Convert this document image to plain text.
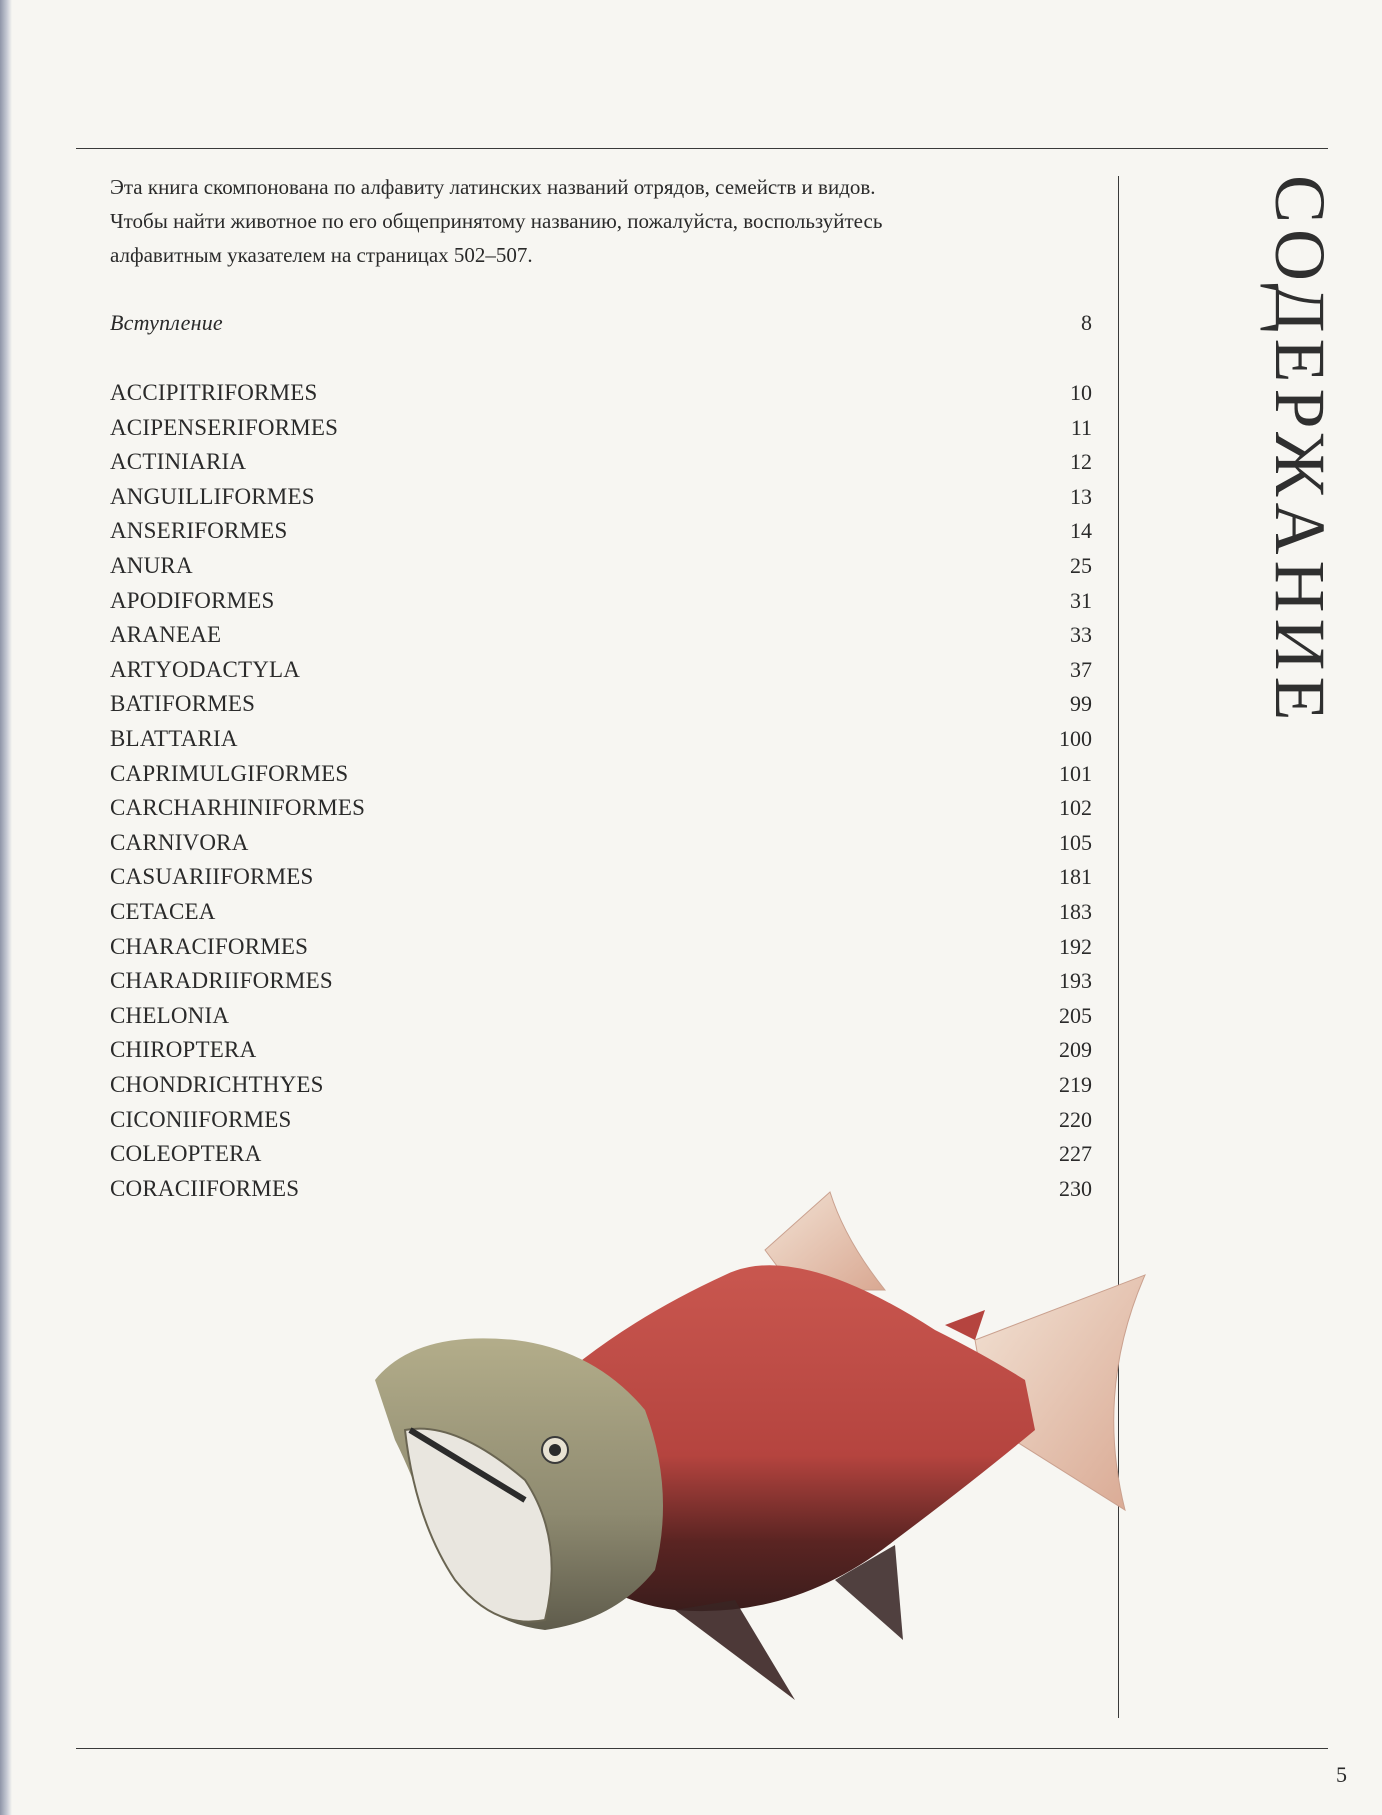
Эта книга скомпонована по алфавиту латинских названий отрядов, семейств и видов.
Чтобы найти животное по его общепринятому названию, пожалуйста, воспользуйтесь
алфавитным указателем на страницах 502–507.	СОДЕРЖАНИЕ
Вступление	8
ACCIPITRIFORMES	10
ACIPENSERIFORMES	11
ACTINIARIA	12
ANGUILLIFORMES	13
ANSERIFORMES	14
ANURA	25
APODIFORMES	31
ARANEAE	33
ARTYODACTYLA	37
BATIFORMES	99
BLATTARIA	100
CAPRIMULGIFORMES	101
CARCHARHINIFORMES	102
CARNIVORA	105
CASUARIIFORMES	181
CETACEA	183
CHARACIFORMES	192
CHARADRIIFORMES	193
CHELONIA	205
CHIROPTERA	209
CHONDRICHTHYES	219
CICONIIFORMES	220
COLEOPTERA	227
CORACIIFORMES	230
5
